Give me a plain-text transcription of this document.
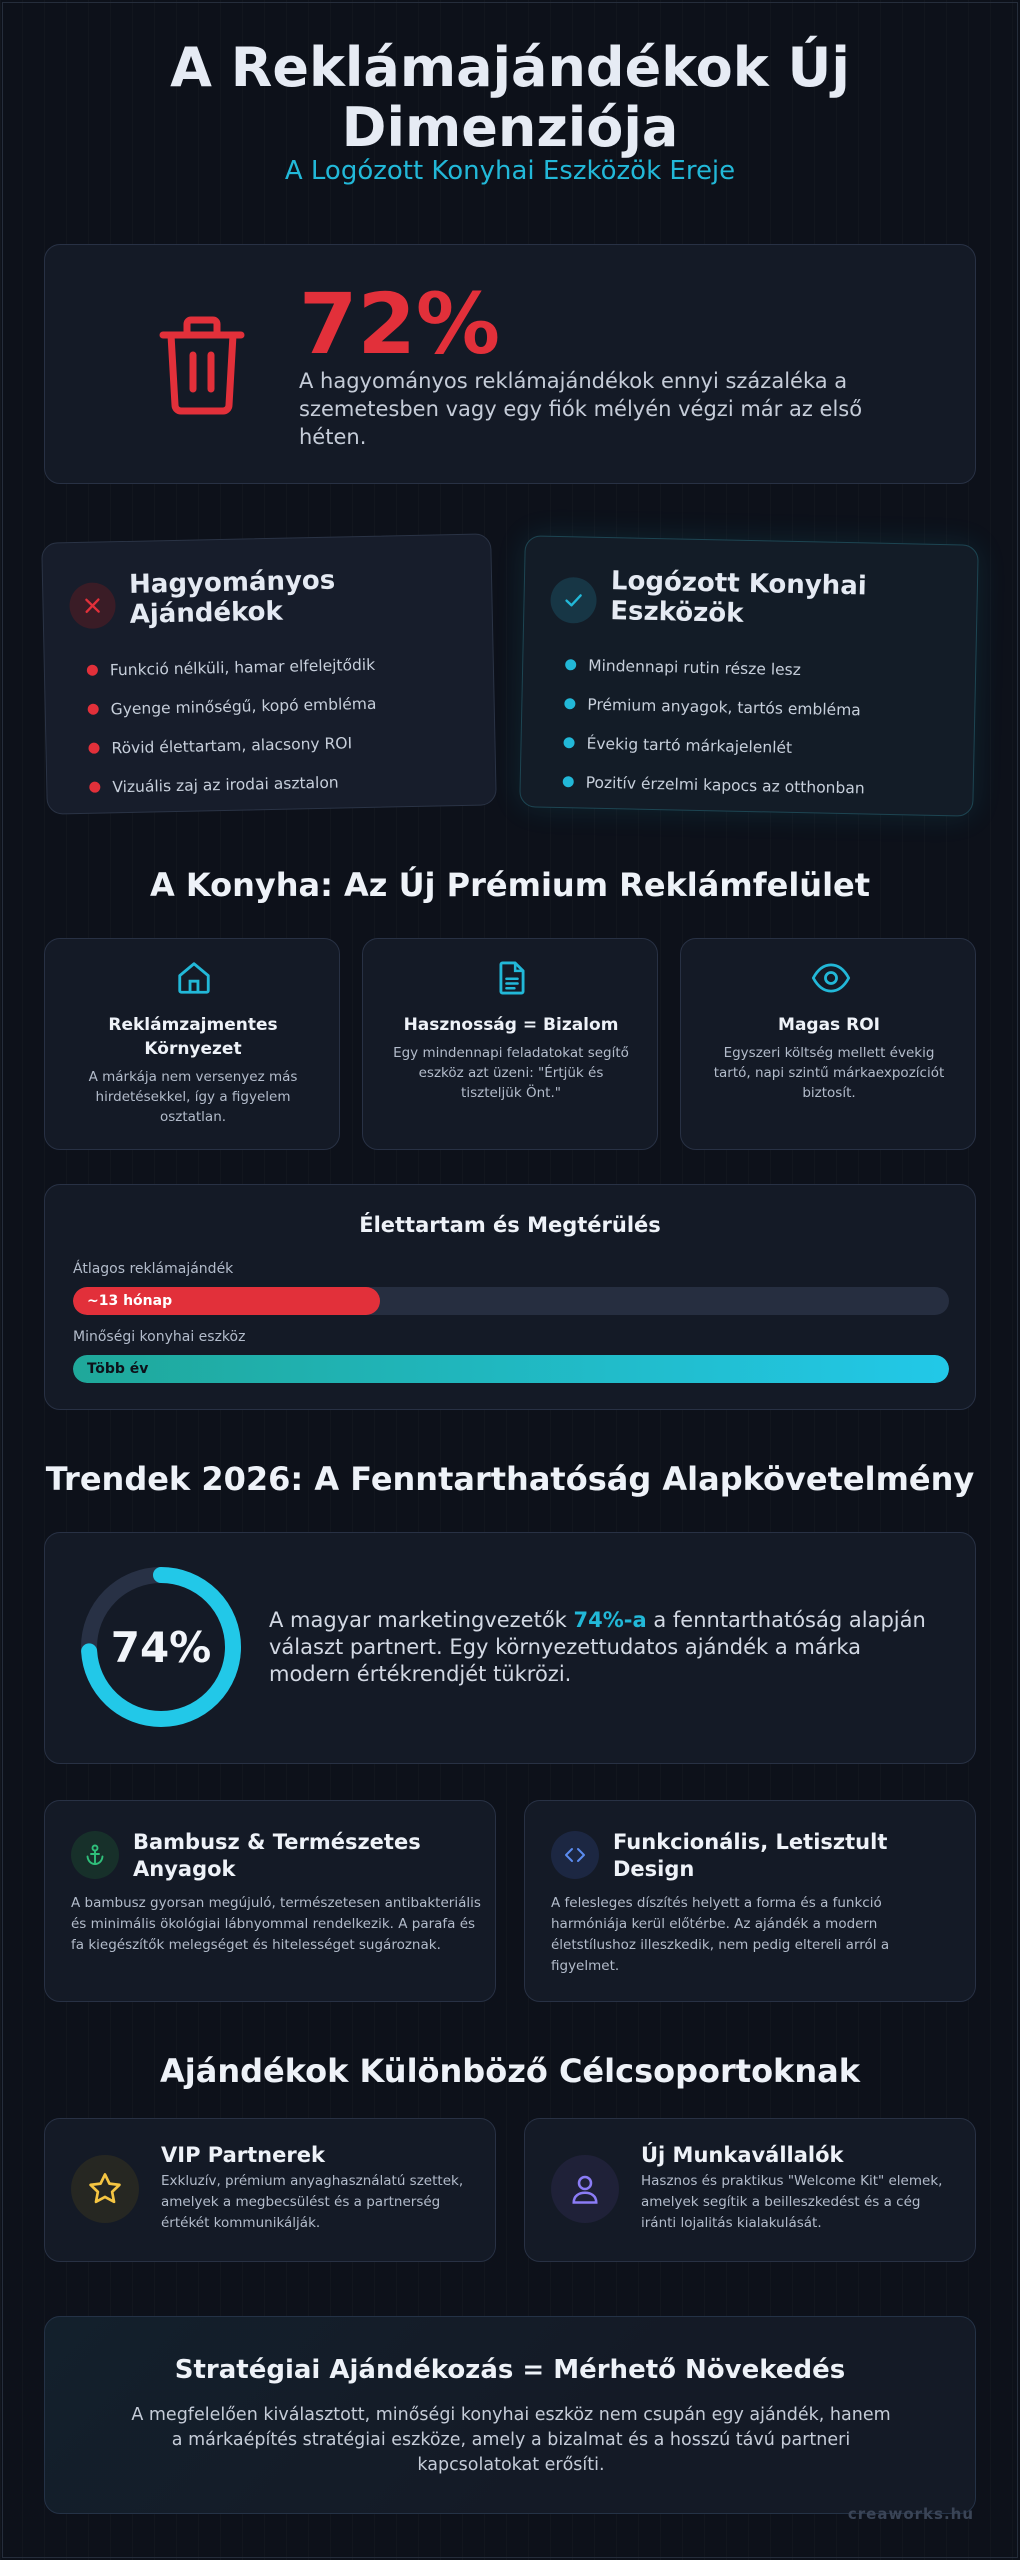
A Reklámajándékok Új Dimenziója
A Logózott Konyhai Eszközök Ereje
72%
A hagyományos reklámajándékok ennyi százaléka a szemetesben vagy egy fiók mélyén végzi már az első héten.
Hagyományos Ajándékok
Funkció nélküli, hamar elfelejtődik
Gyenge minőségű, kopó embléma
Rövid élettartam, alacsony ROI
Vizuális zaj az irodai asztalon
Logózott Konyhai Eszközök
Mindennapi rutin része lesz
Prémium anyagok, tartós embléma
Évekig tartó márkajelenlét
Pozitív érzelmi kapocs az otthonban
A Konyha: Az Új Prémium Reklámfelület
Reklámzajmentes Környezet
A márkája nem versenyez más hirdetésekkel, így a figyelem osztatlan.
Hasznosság = Bizalom
Egy mindennapi feladatokat segítő eszköz azt üzeni: "Értjük és tiszteljük Önt."
Magas ROI
Egyszeri költség mellett évekig tartó, napi szintű márkaexpozíciót biztosít.
Élettartam és Megtérülés
Átlagos reklámajándék
~13 hónap
Minőségi konyhai eszköz
Több év
Trendek 2026: A Fenntarthatóság Alapkövetelmény
74%
A magyar marketingvezetők 74%-a a fenntarthatóság alapján választ partnert. Egy környezettudatos ajándék a márka modern értékrendjét tükrözi.
Bambusz & Természetes Anyagok
A bambusz gyorsan megújuló, természetesen antibakteriális és minimális ökológiai lábnyommal rendelkezik. A parafa és fa kiegészítők melegséget és hitelességet sugároznak.
Funkcionális, Letisztult Design
A felesleges díszítés helyett a forma és a funkció harmóniája kerül előtérbe. Az ajándék a modern életstílushoz illeszkedik, nem pedig eltereli arról a figyelmet.
Ajándékok Különböző Célcsoportoknak
VIP Partnerek
Exkluzív, prémium anyaghasználatú szettek, amelyek a megbecsülést és a partnerség értékét kommunikálják.
Új Munkavállalók
Hasznos és praktikus "Welcome Kit" elemek, amelyek segítik a beilleszkedést és a cég iránti lojalitás kialakulását.
Stratégiai Ajándékozás = Mérhető Növekedés
A megfelelően kiválasztott, minőségi konyhai eszköz nem csupán egy ajándék, hanem a márkaépítés stratégiai eszköze, amely a bizalmat és a hosszú távú partneri kapcsolatokat erősíti.
creaworks.hu
